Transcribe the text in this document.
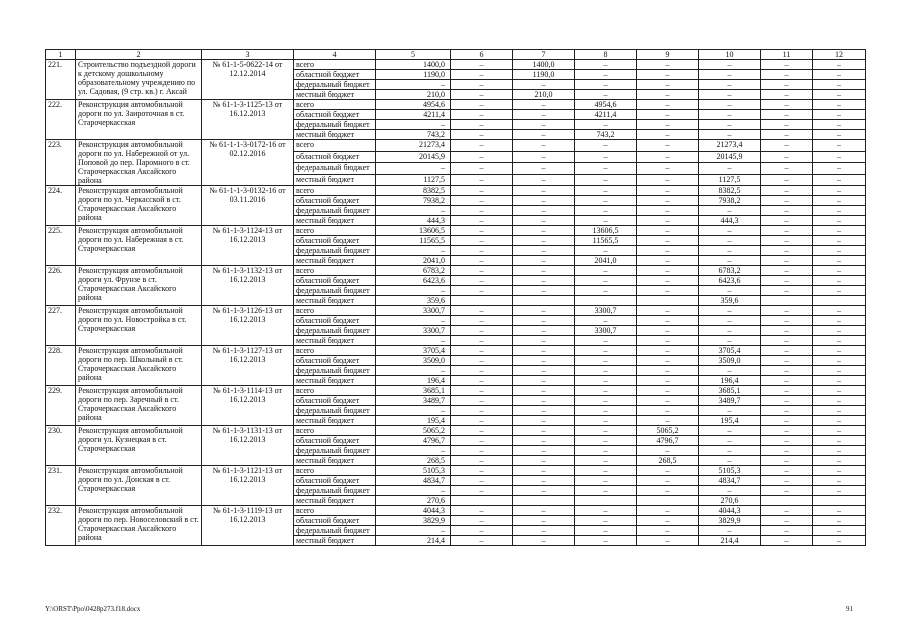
1	2	3	4	5	6	7	8	9	10	11	12
221.	Строительство подъездной дороги к детскому дошкольному образовательному учреждению по ул. Садовая, (9 стр. кв.) г. Аксай	№ 61-1-5-0622-14 от 12.12.2014	всего	1400,0	–	1400,0	–	–	–	–	–
			областной бюджет	1190,0	–	1190,0	–	–	–	–	–
			федеральный бюджет	–	–	–	–	–	–	–	–
			местный бюджет	210,0	–	210,0	–	–	–	–	–
222.	Реконструкция автомобильной дороги по ул. Заироточная в ст. Старочеркасская	№ 61-1-3-1125-13 от 16.12.2013	всего	4954,6	–	–	4954,6	–	–	–	–
			областной бюджет	4211,4	–	–	4211,4	–	–	–	–
			федеральный бюджет	–	–	–	–	–	–	–	–
			местный бюджет	743,2	–	–	743,2	–	–	–	–
223.	Реконструкция автомобильной дороги по ул. Набережной от ул. Поповой до пер. Паромного в ст. Старочеркасская Аксайского района	№ 61-1-1-3-0172-16 от 02.12.2016	всего	21273,4	–	–	–	–	21273,4	–	–
			областной бюджет	20145,9	–	–	–	–	20145,9	–	–
			федеральный бюджет	–	–	–	–	–	–	–	–
			местный бюджет	1127,5	–	–	–	–	1127,5	–	–
224.	Реконструкция автомобильной дороги по ул. Черкасской в ст. Старочеркасская Аксайского района	№ 61-1-1-3-0132-16 от 03.11.2016	всего	8382,5	–	–	–	–	8382,5	–	–
			областной бюджет	7938,2	–	–	–	–	7938,2	–	–
			федеральный бюджет	–	–	–	–	–	–	–	–
			местный бюджет	444,3	–	–	–	–	444,3	–	–
225.	Реконструкция автомобильной дороги по ул. Набережная в ст. Старочеркасская	№ 61-1-3-1124-13 от 16.12.2013	всего	13606,5	–	–	13606,5	–	–	–	–
			областной бюджет	11565,5	–	–	11565,5	–	–	–	–
			федеральный бюджет	–	–	–	–	–	–	–	–
			местный бюджет	2041,0	–	–	2041,0	–	–	–	–
226.	Реконструкция автомобильной дороги ул. Фрунзе в ст. Старочеркасская Аксайского района	№ 61-1-3-1132-13 от 16.12.2013	всего	6783,2	–	–	–	–	6783,2	–	–
			областной бюджет	6423,6	–	–	–	–	6423,6	–	–
			федеральный бюджет	–	–	–	–	–	–	–	–
			местный бюджет	359,6					359,6		
227.	Реконструкция автомобильной дороги по ул. Новостройка в ст. Старочеркасская	№ 61-1-3-1126-13 от 16.12.2013	всего	3300,7	–	–	3300,7	–	–	–	–
			областной бюджет	–	–	–	–	–	–	–	–
			федеральный бюджет	3300,7	–	–	3300,7	–	–	–	–
			местный бюджет	–	–	–	–	–	–	–	–
228.	Реконструкция автомобильной дороги по пер. Школьный в ст. Старочеркасская Аксайского района	№ 61-1-3-1127-13 от 16.12.2013	всего	3705,4	–	–	–	–	3705,4	–	–
			областной бюджет	3509,0	–	–	–	–	3509,0	–	–
			федеральный бюджет	–	–	–	–	–	–	–	–
			местный бюджет	196,4	–	–	–	–	196,4	–	–
229.	Реконструкция автомобильной дороги по пер. Заречный в ст. Старочеркасская Аксайского района	№ 61-1-3-1114-13 от 16.12.2013	всего	3685,1	–	–	–	–	3685,1	–	–
			областной бюджет	3489,7	–	–	–	–	3489,7	–	–
			федеральный бюджет	–	–	–	–	–	–	–	–
			местный бюджет	195,4	–	–	–	–	195,4	–	–
230.	Реконструкция автомобильной дороги ул. Кузнецкая в ст. Старочеркасская	№ 61-1-3-1131-13 от 16.12.2013	всего	5065,2	–	–	–	5065,2	–	–	–
			областной бюджет	4796,7	–	–	–	4796,7	–	–	–
			федеральный бюджет	–	–	–	–	–	–	–	–
			местный бюджет	268,5	–	–	–	268,5	–	–	–
231.	Реконструкция автомобильной дороги по ул. Донская в ст. Старочеркасская	№ 61-1-3-1121-13 от 16.12.2013	всего	5105,3	–	–	–	–	5105,3	–	–
			областной бюджет	4834,7	–	–	–	–	4834,7	–	–
			федеральный бюджет	–	–	–	–	–	–	–	–
			местный бюджет	270,6					270,6		
232.	Реконструкция автомобильной дороги по пер. Новоселовский в ст. Старочеркасская Аксайского района	№ 61-1-3-1119-13 от 16.12.2013	всего	4044,3	–	–	–	–	4044,3	–	–
			областной бюджет	3829,9	–	–	–	–	3829,9	–	–
			федеральный бюджет	–	–	–	–	–	–	–	–
			местный бюджет	214,4	–	–	–	–	214,4	–	–
Y:\ORST\Ppo\0428p273.f18.docx	91
